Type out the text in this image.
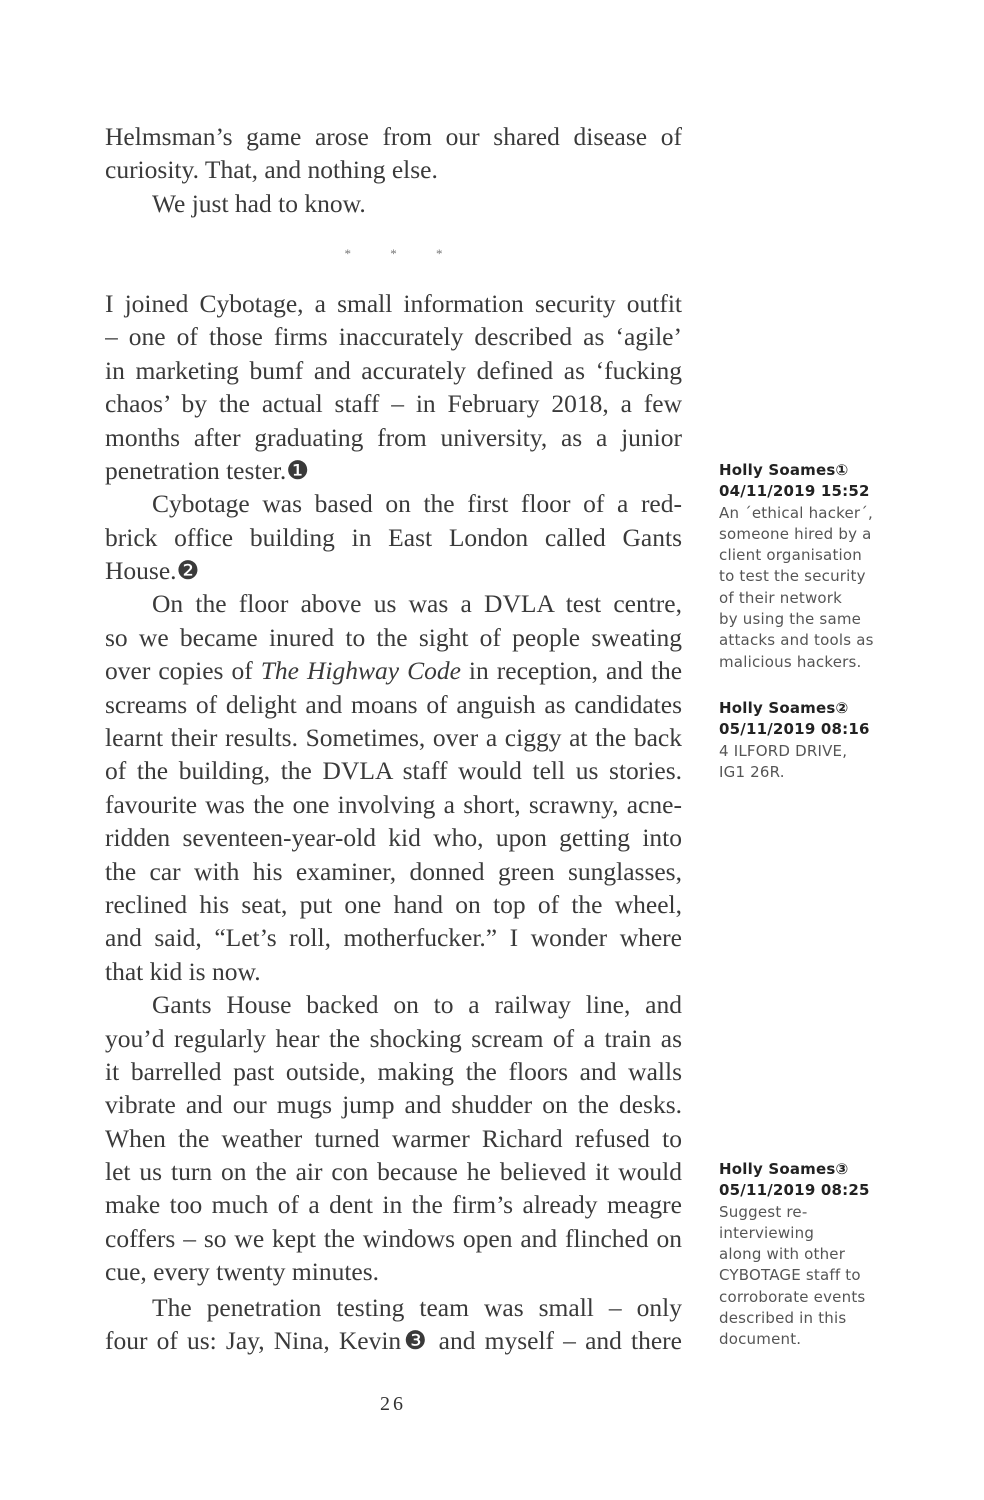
Helmsman’s game arose from our shared disease of
curiosity. That, and nothing else.
We just had to know.
* * *
I joined Cybotage, a small information security outfit
– one of those firms inaccurately described as ‘agile’
in marketing bumf and accurately defined as ‘fucking
chaos’ by the actual staff – in February 2018, a few
months after graduating from university, as a junior
penetration tester.❶
Cybotage was based on the first floor of a red-
brick office building in East London called Gants
House.❷
On the floor above us was a DVLA test centre,
so we became inured to the sight of people sweating
over copies of The Highway Code in reception, and the
screams of delight and moans of anguish as candidates
learnt their results. Sometimes, over a ciggy at the back
of the building, the DVLA staff would tell us stories.
favourite was the one involving a short, scrawny, acne-
ridden seventeen-year-old kid who, upon getting into
the car with his examiner, donned green sunglasses,
reclined his seat, put one hand on top of the wheel,
and said, “Let’s roll, motherfucker.” I wonder where
that kid is now.
Gants House backed on to a railway line, and
you’d regularly hear the shocking scream of a train as
it barrelled past outside, making the floors and walls
vibrate and our mugs jump and shudder on the desks.
When the weather turned warmer Richard refused to
let us turn on the air con because he believed it would
make too much of a dent in the firm’s already meagre
coffers – so we kept the windows open and flinched on
cue, every twenty minutes.
The penetration testing team was small – only
four of us: Jay, Nina, Kevin❸ and myself – and there
Holly Soames①
04/11/2019 15:52
An ˊethical hackerˊ,
someone hired by a
client organisation
to test the security
of their network
by using the same
attacks and tools as
malicious hackers.
Holly Soames②
05/11/2019 08:16
4 ILFORD DRIVE,
IG1 26R.
Holly Soames③
05/11/2019 08:25
Suggest re-
interviewing
along with other
CYBOTAGE staff to
corroborate events
described in this
document.
26
